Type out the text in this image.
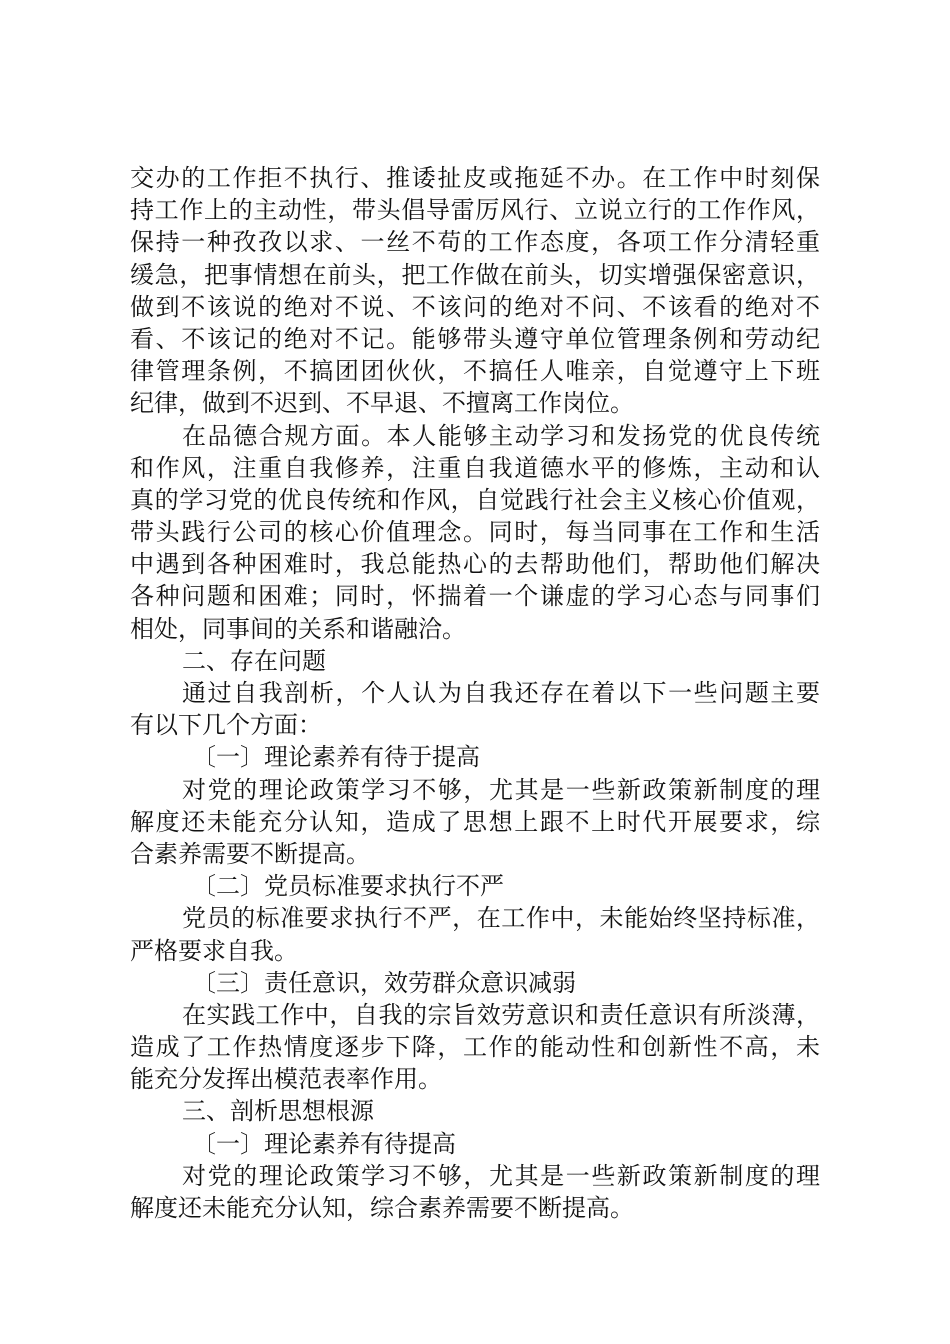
交办的工作拒不执行、推诿扯皮或拖延不办。在工作中时刻保
持工作上的主动性，带头倡导雷厉风行、立说立行的工作作风，
保持一种孜孜以求、一丝不苟的工作态度，各项工作分清轻重
缓急，把事情想在前头，把工作做在前头，切实增强保密意识，
做到不该说的绝对不说、不该问的绝对不问、不该看的绝对不
看、不该记的绝对不记。能够带头遵守单位管理条例和劳动纪
律管理条例，不搞团团伙伙，不搞任人唯亲，自觉遵守上下班
纪律，做到不迟到、不早退、不擅离工作岗位。
在品德合规方面。本人能够主动学习和发扬党的优良传统
和作风，注重自我修养，注重自我道德水平的修炼，主动和认
真的学习党的优良传统和作风，自觉践行社会主义核心价值观，
带头践行公司的核心价值理念。同时，每当同事在工作和生活
中遇到各种困难时，我总能热心的去帮助他们，帮助他们解决
各种问题和困难；同时，怀揣着一个谦虚的学习心态与同事们
相处，同事间的关系和谐融洽。
二、存在问题
通过自我剖析，个人认为自我还存在着以下一些问题主要
有以下几个方面：
〔一〕理论素养有待于提高
对党的理论政策学习不够，尤其是一些新政策新制度的理
解度还未能充分认知，造成了思想上跟不上时代开展要求，综
合素养需要不断提高。
〔二〕党员标准要求执行不严
党员的标准要求执行不严，在工作中，未能始终坚持标准，
严格要求自我。
〔三〕责任意识，效劳群众意识减弱
在实践工作中，自我的宗旨效劳意识和责任意识有所淡薄，
造成了工作热情度逐步下降，工作的能动性和创新性不高，未
能充分发挥出模范表率作用。
三、剖析思想根源
〔一〕理论素养有待提高
对党的理论政策学习不够，尤其是一些新政策新制度的理
解度还未能充分认知，综合素养需要不断提高。
